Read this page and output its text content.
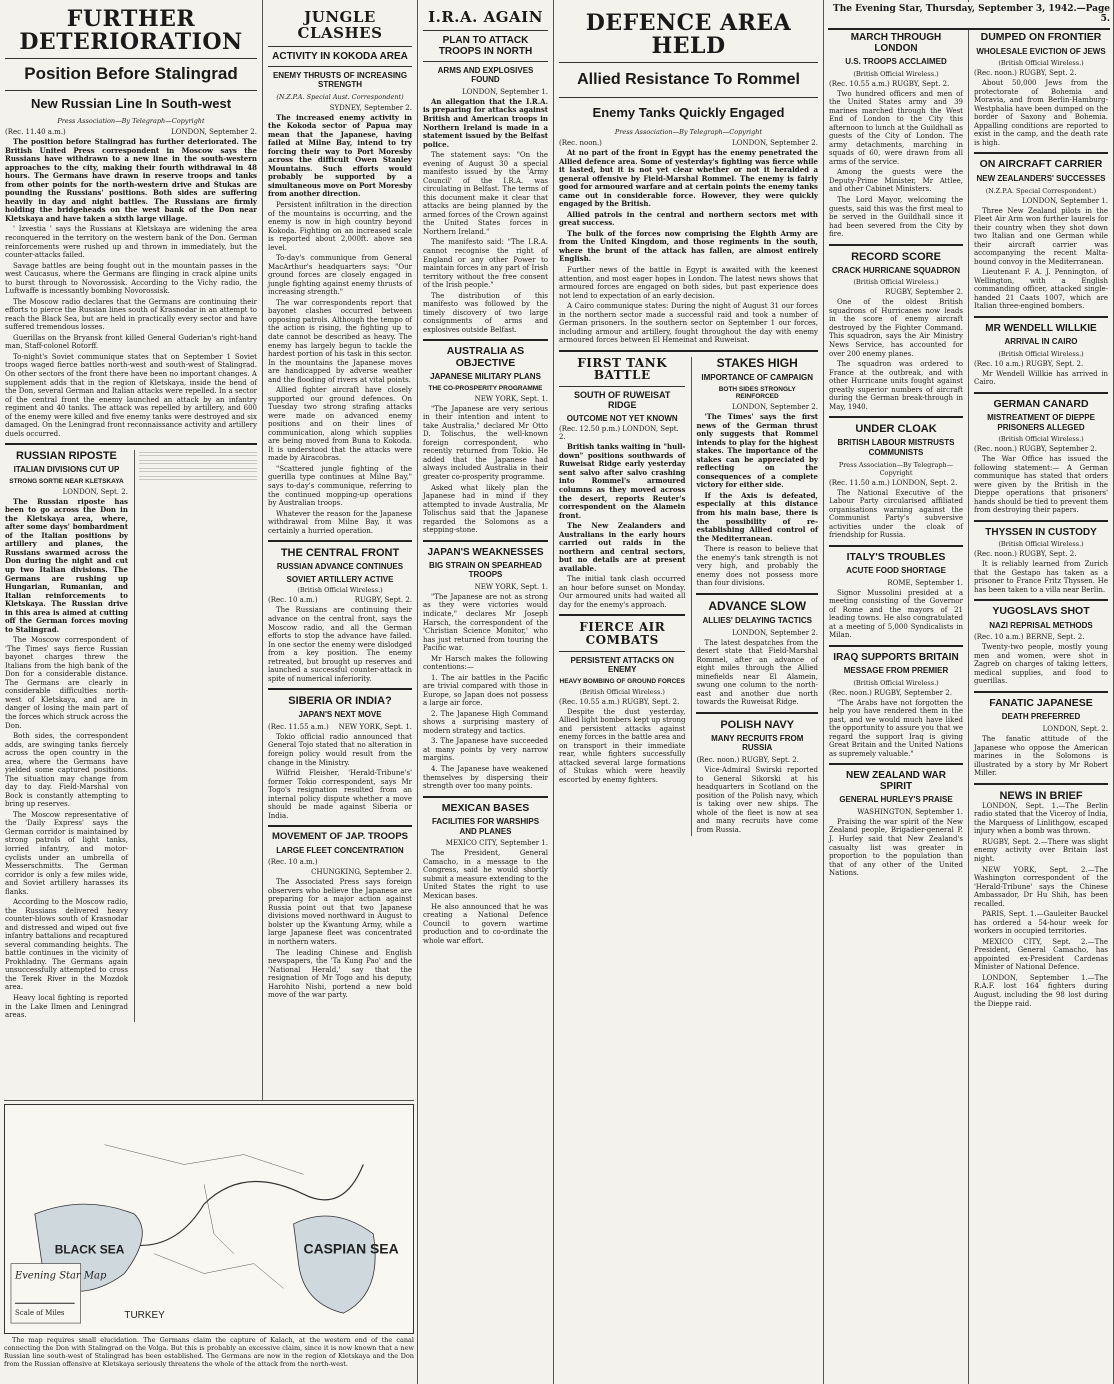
FURTHER DETERIORATION
Position Before Stalingrad
New Russian Line In South-west
Press Association—By Telegraph—Copyright
(Rec. 11.40 a.m.)	LONDON, September 2.

The position before Stalingrad has further deteriorated. The British United Press correspondent in Moscow says the Russians have withdrawn to a new line in the south-western approaches to the city, making their fourth withdrawal in 48 hours. The Germans have drawn in reserve troops and tanks from other points for the north-western drive and Stukas are pounding the Russians' positions. Both sides are suffering heavily in day and night battles. The Russians are firmly holding the bridgeheads on the west bank of the Don near Kletskaya and have taken a sixth large village.

' Izvestia ' says the Russians at Kletskaya are widening the area reconquered in the territory on the western bank of the Don. German reinforcements were rushed up and thrown in immediately, but the counter-attacks failed.

Savage battles are being fought out in the mountain passes in the west Caucasus, where the Germans are flinging in crack alpine units to burst through to Novorossisk. According to the Vichy radio, the Luftwaffe is incessantly bombing Novorossisk.

The Moscow radio declares that the Germans are continuing their efforts to pierce the Russian lines south of Krasnodar in an attempt to reach the Black Sea, but are held in practically every sector and have suffered tremendous losses.

Guerillas on the Bryansk front killed General Guderian's right-hand man, Staff-colonel Rotorff.

To-night's Soviet communique states that on September 1 Soviet troops waged fierce battles north-west and south-west of Stalingrad. On other sectors of the front there have been no important changes. A supplement adds that in the region of Kletskaya, inside the bend of the Don, several German and Italian attacks were repelled. In a sector of the central front the enemy launched an attack by an infantry regiment and 40 tanks. The attack was repelled by artillery, and 600 of the enemy were killed and five enemy tanks were destroyed and six damaged. On the Leningrad front reconnaissance activity and artillery duels occurred.

RUSSIAN RIPOSTE
ITALIAN DIVISIONS CUT UP
STRONG SORTIE NEAR KLETSKAYA
LONDON, Sept. 2.

The Russian riposte has been to go across the Don in the Kletskaya area, where, after some days' bombardment of the Italian positions by artillery and planes, the Russians swarmed across the Don during the night and cut up two Italian divisions. The Germans are rushing up Hungarian, Rumanian, and Italian reinforcements to Kletskaya. The Russian drive in this area is aimed at cutting off the German forces moving to Stalingrad.

The Moscow correspondent of 'The Times' says fierce Russian bayonet charges threw the Italians from the high bank of the Don for a considerable distance. The Germans are clearly in considerable difficulties north-west of Kletskaya, and are in danger of losing the main part of the forces which struck across the Don.

Both sides, the correspondent adds, are swinging tanks fiercely across the open country in the area, where the Germans have yielded some captured positions. The situation may change from day to day. Field-Marshal von Bock is constantly attempting to bring up reserves.

The Moscow representative of the 'Daily Express' says the German corridor is maintained by strong patrols of light tanks, lorried infantry, and motor-cyclists under an umbrella of Messerschmitts. The German corridor is only a few miles wide, and Soviet artillery harasses its flanks.

According to the Moscow radio, the Russians delivered heavy counter-blows south of Krasnodar and distressed and wiped out five infantry battalions and recaptured several commanding heights. The battle continues in the vicinity of Prokhladny. The Germans again unsuccessfully attempted to cross the Terek River in the Mozdok area.

Heavy local fighting is reported in the Lake Ilmen and Leningrad areas.

JUNGLE CLASHES
ACTIVITY IN KOKODA AREA
ENEMY THRUSTS OF INCREASING STRENGTH
(N.Z.P.A. Special Aust. Correspondent)
SYDNEY, September 2.

The increased enemy activity in the Kokoda sector of Papua may mean that the Japanese, having failed at Milne Bay, intend to try forcing their way to Port Moresby across the difficult Owen Stanley Mountains. Such efforts would probably be supported by a simultaneous move on Port Moresby from another direction.

Persistent infiltration in the direction of the mountains is occurring, and the enemy is now in high country beyond Kokoda. Fighting on an increased scale is reported about 2,000ft. above sea level.

To-day's communique from General MacArthur's headquarters says: "Our ground forces are closely engaged in jungle fighting against enemy thrusts of increasing strength."

The war correspondents report that bayonet clashes occurred between opposing patrols. Although the tempo of the action is rising, the fighting up to date cannot be described as heavy. The enemy has largely begun to tackle the hardest portion of his task in this sector. In the mountains the Japanese moves are handicapped by adverse weather and the flooding of rivers at vital points.

Allied fighter aircraft have closely supported our ground defences. On Tuesday two strong strafing attacks were made on advanced enemy positions and on their lines of communication, along which supplies are being moved from Buna to Kokoda. It is understood that the attacks were made by Airacobras.

"Scattered jungle fighting of the guerilla type continues at Milne Bay," says to-day's communique, referring to the continued mopping-up operations by Australian troops.

Whatever the reason for the Japanese withdrawal from Milne Bay, it was certainly a hurried operation.

THE CENTRAL FRONT
RUSSIAN ADVANCE CONTINUES
SOVIET ARTILLERY ACTIVE
(British Official Wireless.)
(Rec. 10 a.m.)	RUGBY, Sept. 2.

The Russians are continuing their advance on the central front, says the Moscow radio, and all the German efforts to stop the advance have failed. In one sector the enemy were dislodged from a key position. The enemy retreated, but brought up reserves and launched a successful counter-attack in spite of numerical inferiority.

SIBERIA OR INDIA?
JAPAN'S NEXT MOVE
(Rec. 11.55 a.m.) NEW YORK, Sept. 1.

Tokio official radio announced that General Tojo stated that no alteration in foreign policy would result from the change in the Ministry.

Wilfrid Fleisher, 'Herald-Tribune's' former Tokio correspondent, says Mr Togo's resignation resulted from an internal policy dispute whether a move should be made against Siberia or India.

MOVEMENT OF JAP. TROOPS
LARGE FLEET CONCENTRATION
(Rec. 10 a.m.)
CHUNGKING, September 2.

The Associated Press says foreign observers who believe the Japanese are preparing for a major action against Russia point out that two Japanese divisions moved northward in August to bolster up the Kwantung Army, while a large Japanese fleet was concentrated in northern waters.

The leading Chinese and English newspapers, the 'Ta Kung Pao' and the 'National Herald,' say that the resignation of Mr Togo and his deputy, Harohito Nishi, portend a new bold move of the war party.

CASPIAN SEA
BLACK SEA
TURKEY
Evening Star Map
Scale of Miles

The map requires small elucidation. The Germans claim the capture of Kalach, at the western end of the canal connecting the Don with Stalingrad on the Volga. But this is probably an excessive claim, since it is now known that a new Russian line south-west of Stalingrad has been established. The Germans are now in the region of Kletskaya and the Don from the Russian offensive at Kletskaya seriously threatens the whole of the attack from the north-west.

I.R.A. AGAIN
PLAN TO ATTACK TROOPS IN NORTH
ARMS AND EXPLOSIVES FOUND
LONDON, September 1.

An allegation that the I.R.A. is preparing for attacks against British and American troops in Northern Ireland is made in a statement issued by the Belfast police.

The statement says: "On the evening of August 30 a special manifesto issued by the 'Army Council' of the I.R.A. was circulating in Belfast. The terms of this document make it clear that attacks are being planned by the armed forces of the Crown against the United States forces in Northern Ireland."

The manifesto said: "The I.R.A. cannot recognise the right of England or any other Power to maintain forces in any part of Irish territory without the free consent of the Irish people."

The distribution of this manifesto was followed by the timely discovery of two large consignments of arms and explosives outside Belfast.

AUSTRALIA AS OBJECTIVE
JAPANESE MILITARY PLANS
THE CO-PROSPERITY PROGRAMME
NEW YORK, Sept. 1.

"The Japanese are very serious in their intention and intent to take Australia," declared Mr Otto D. Tolischus, the well-known foreign correspondent, who recently returned from Tokio. He added that the Japanese had always included Australia in their greater co-prosperity programme.

Asked what likely plan the Japanese had in mind if they attempted to invade Australia, Mr Tolischus said that the Japanese regarded the Solomons as a stepping-stone.

JAPAN'S WEAKNESSES
BIG STRAIN ON SPEARHEAD TROOPS
NEW YORK, Sept. 1.

"The Japanese are not as strong as they were victories would indicate," declares Mr Joseph Harsch, the correspondent of the 'Christian Science Monitor,' who has just returned from touring the Pacific war.

Mr Harsch makes the following contentions:—

1. The air battles in the Pacific are trivial compared with those in Europe, so Japan does not possess a large air force.

2. The Japanese High Command shows a surprising mastery of modern strategy and tactics.

3. The Japanese have succeeded at many points by very narrow margins.

4. The Japanese have weakened themselves by dispersing their strength over too many points.

MEXICAN BASES
FACILITIES FOR WARSHIPS AND PLANES
MEXICO CITY, September 1.

The President, General Camacho, in a message to the Congress, said he would shortly submit a measure extending to the United States the right to use Mexican bases.

He also announced that he was creating a National Defence Council to govern wartime production and to co-ordinate the whole war effort.

DEFENCE AREA HELD
Allied Resistance To Rommel
Enemy Tanks Quickly Engaged
Press Association—By Telegraph—Copyright
(Rec. noon.)	LONDON, September 2.

At no part of the front in Egypt has the enemy penetrated the Allied defence area. Some of yesterday's fighting was fierce while it lasted, but it is not yet clear whether or not it heralded a general offensive by Field-Marshal Rommel. The enemy is fairly good for armoured warfare and at certain points the enemy tanks came out in considerable force. However, they were quickly engaged by the British.

Allied patrols in the central and northern sectors met with great success.

The bulk of the forces now comprising the Eighth Army are from the United Kingdom, and those regiments in the south, where the brunt of the attack has fallen, are almost entirely English.

Further news of the battle in Egypt is awaited with the keenest attention, and most eager hopes in London. The latest news shows that armoured forces are engaged on both sides, but past experience does not lend to expectation of an early decision.

A Cairo communique states: During the night of August 31 our forces in the northern sector made a successful raid and took a number of German prisoners. In the southern sector on September 1 our forces, including armour and artillery, fought throughout the day with enemy armoured forces between El Hemeinat and Ruweisat.

FIRST TANK BATTLE
SOUTH OF RUWEISAT RIDGE
OUTCOME NOT YET KNOWN
(Rec. 12.50 p.m.) LONDON, Sept. 2.

British tanks waiting in "hull-down" positions southwards of Ruweisat Ridge early yesterday sent salvo after salvo crashing into Rommel's armoured columns as they moved across the desert, reports Reuter's correspondent on the Alamein front.

The New Zealanders and Australians in the early hours carried out raids in the northern and central sectors, but no details are at present available.

The initial tank clash occurred an hour before sunset on Monday. Our armoured units had waited all day for the enemy's approach.

FIERCE AIR COMBATS
PERSISTENT ATTACKS ON ENEMY
HEAVY BOMBING OF GROUND FORCES
(British Official Wireless.)
(Rec. 10.55 a.m.) RUGBY, Sept. 2.

Despite the dust yesterday, Allied light bombers kept up strong and persistent attacks against enemy forces in the battle area and on transport in their immediate rear, while fighters successfully attacked several large formations of Stukas which were heavily escorted by enemy fighters.

STAKES HIGH
IMPORTANCE OF CAMPAIGN
BOTH SIDES STRONGLY REINFORCED
LONDON, September 2.

'The Times' says the first news of the German thrust only suggests that Rommel intends to play for the highest stakes. The importance of the stakes can be appreciated by reflecting on the consequences of a complete victory for either side.

If the Axis is defeated, especially at this distance from his main base, there is the possibility of re-establishing Allied control of the Mediterranean.

There is reason to believe that the enemy's tank strength is not very high, and probably the enemy does not possess more than four divisions.

ADVANCE SLOW
ALLIES' DELAYING TACTICS
LONDON, September 2.

The latest despatches from the desert state that Field-Marshal Rommel, after an advance of eight miles through the Allied minefields near El Alamein, swung one column to the north-east and another due north towards the Ruweisat Ridge.

POLISH NAVY
MANY RECRUITS FROM RUSSIA
(Rec. noon.) RUGBY, Sept. 2.

Vice-Admiral Swirski reported to General Sikorski at his headquarters in Scotland on the position of the Polish navy, which is taking over new ships. The whole of the fleet is now at sea and many recruits have come from Russia.

MARCH THROUGH LONDON
U.S. TROOPS ACCLAIMED
(British Official Wireless.)
(Rec. 10.55 a.m.) RUGBY, Sept. 2.

Two hundred officers and men of the United States army and 39 marines marched through the West End of London to the City this afternoon to lunch at the Guildhall as guests of the City of London. The army detachments, marching in squads of 60, were drawn from all arms of the service.

Among the guests were the Deputy-Prime Minister, Mr Attlee, and other Cabinet Ministers.

The Lord Mayor, welcoming the guests, said this was the first meal to be served in the Guildhall since it had been severed from the City by fire.

RECORD SCORE
CRACK HURRICANE SQUADRON
(British Official Wireless.)
RUGBY, September 2.

One of the oldest British squadrons of Hurricanes now leads in the score of enemy aircraft destroyed by the Fighter Command. This squadron, says the Air Ministry News Service, has accounted for over 200 enemy planes.

The squadron was ordered to France at the outbreak, and with other Hurricane units fought against greatly superior numbers of aircraft during the German break-through in May, 1940.

UNDER CLOAK
BRITISH LABOUR MISTRUSTS COMMUNISTS
Press Association—By Telegraph—Copyright
(Rec. 11.50 a.m.) LONDON, Sept. 2.

The National Executive of the Labour Party circularised affiliated organisations warning against the Communist Party's subversive activities under the cloak of friendship for Russia.

ITALY'S TROUBLES
ACUTE FOOD SHORTAGE
ROME, September 1.

Signor Mussolini presided at a meeting consisting of the Governor of Rome and the mayors of 21 leading towns. He also congratulated at a meeting of 5,000 Syndicalists in Milan.

IRAQ SUPPORTS BRITAIN
MESSAGE FROM PREMIER
(British Official Wireless.)
(Rec. noon.) RUGBY, September 2.

"The Arabs have not forgotten the help you have rendered them in the past, and we would much have liked the opportunity to assure you that we regard the support Iraq is giving Great Britain and the United Nations as supremely valuable."

NEW ZEALAND WAR SPIRIT
GENERAL HURLEY'S PRAISE
WASHINGTON, September 1.

Praising the war spirit of the New Zealand people, Brigadier-general P. J. Hurley said that New Zealand's casualty list was greater in proportion to the population than that of any other of the United Nations.

DUMPED ON FRONTIER
WHOLESALE EVICTION OF JEWS
(British Official Wireless.)
(Rec. noon.) RUGBY, Sept. 2.

About 50,000 Jews from the protectorate of Bohemia and Moravia, and from Berlin-Hamburg-Westphalia have been dumped on the border of Saxony and Bohemia. Appalling conditions are reported to exist in the camp, and the death rate is high.

ON AIRCRAFT CARRIER
NEW ZEALANDERS' SUCCESSES
(N.Z.P.A. Special Correspondent.)
LONDON, September 1.

Three New Zealand pilots in the Fleet Air Arm won further laurels for their country when they shot down two Italian and one German while their aircraft carrier was accompanying the recent Malta-bound convoy in the Mediterranean.

Lieutenant F. A. J. Pennington, of Wellington, with a English commanding officer, attacked single-handed 21 Caats 1007, which are Italian three-engined bombers.

MR WENDELL WILLKIE
ARRIVAL IN CAIRO
(British Official Wireless.)
(Rec. 10 a.m.) RUGBY, Sept. 2.

Mr Wendell Willkie has arrived in Cairo.

GERMAN CANARD
MISTREATMENT OF DIEPPE PRISONERS ALLEGED
(British Official Wireless.)
(Rec. noon.) RUGBY, September 2.

The War Office has issued the following statement:— A German communique has stated that orders were given by the British in the Dieppe operations that prisoners' hands should be tied to prevent them from destroying their papers.

THYSSEN IN CUSTODY
(British Official Wireless.)
(Rec. noon.) RUGBY, Sept. 2.

It is reliably learned from Zurich that the Gestapo has taken as a prisoner to France Fritz Thyssen. He has been taken to a villa near Berlin.

YUGOSLAVS SHOT
NAZI REPRISAL METHODS
(Rec. 10 a.m.) BERNE, Sept. 2.

Twenty-two people, mostly young men and women, were shot in Zagreb on charges of taking letters, medical supplies, and food to guerillas.

FANATIC JAPANESE
DEATH PREFERRED
LONDON, Sept. 2.

The fanatic attitude of the Japanese who oppose the American marines in the Solomons is illustrated by a story by Mr Robert Miller.

NEWS IN BRIEF

LONDON, Sept. 1.—The Berlin radio stated that the Viceroy of India, the Marquess of Linlithgow, escaped injury when a bomb was thrown.

RUGBY, Sept. 2.—There was slight enemy activity over Britain last night.

NEW YORK, Sept. 2.—The Washington correspondent of the 'Herald-Tribune' says the Chinese Ambassador, Dr Hu Shih, has been recalled.

PARIS, Sept. 1.—Gauleiter Bauckel has ordered a 54-hour week for workers in occupied territories.

MEXICO CITY, Sept. 2.—The President, General Camacho, has appointed ex-President Cardenas Minister of National Defence.

LONDON, September 1.—The R.A.F. lost 164 fighters during August, including the 98 lost during the Dieppe raid.

The Evening Star, Thursday, September 3, 1942.—Page 5.
